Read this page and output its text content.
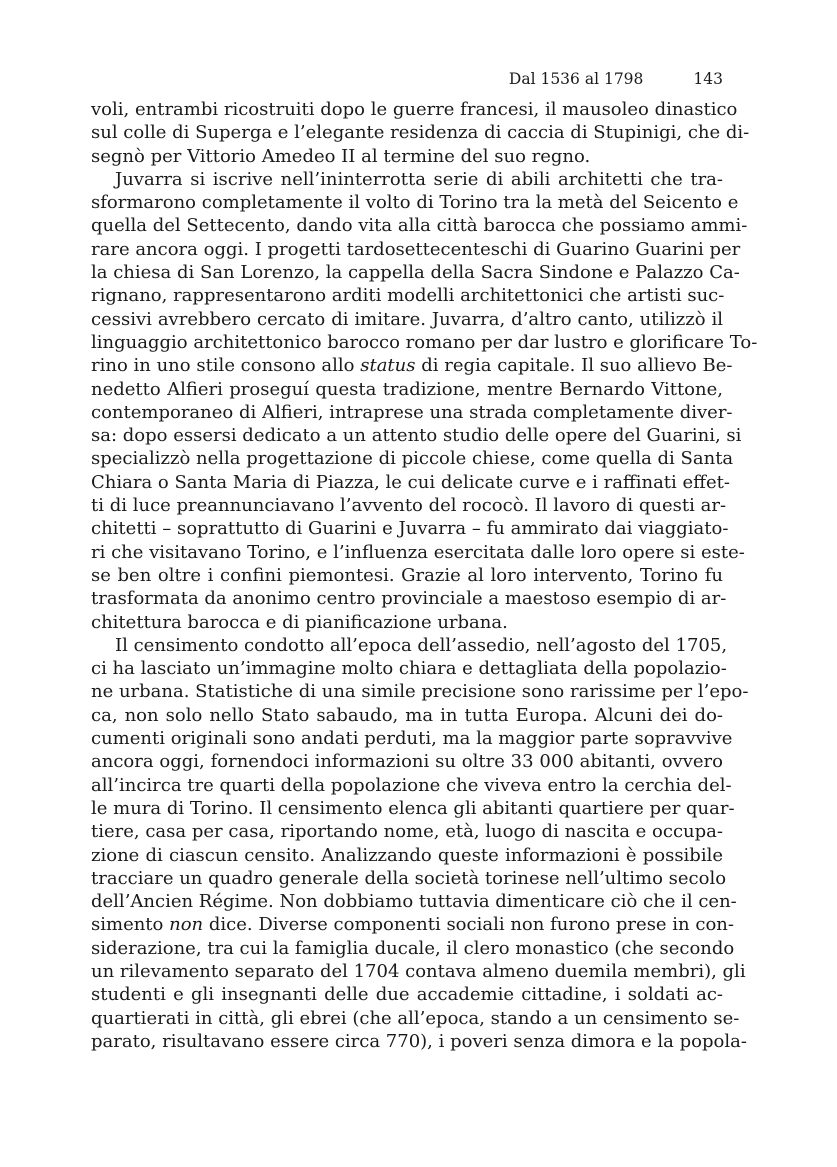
Dal 1536 al 1798	143
voli, entrambi ricostruiti dopo le guerre francesi, il mausoleo dinastico
sul colle di Superga e l’elegante residenza di caccia di Stupinigi, che di-
segnò per Vittorio Amedeo II al termine del suo regno.
Juvarra si iscrive nell’ininterrotta serie di abili architetti che tra-
sformarono completamente il volto di Torino tra la metà del Seicento e
quella del Settecento, dando vita alla città barocca che possiamo ammi-
rare ancora oggi. I progetti tardosettecenteschi di Guarino Guarini per
la chiesa di San Lorenzo, la cappella della Sacra Sindone e Palazzo Ca-
rignano, rappresentarono arditi modelli architettonici che artisti suc-
cessivi avrebbero cercato di imitare. Juvarra, d’altro canto, utilizzò il
linguaggio architettonico barocco romano per dar lustro e glorificare To-
rino in uno stile consono allo status di regia capitale. Il suo allievo Be-
nedetto Alfieri proseguí questa tradizione, mentre Bernardo Vittone,
contemporaneo di Alfieri, intraprese una strada completamente diver-
sa: dopo essersi dedicato a un attento studio delle opere del Guarini, si
specializzò nella progettazione di piccole chiese, come quella di Santa
Chiara o Santa Maria di Piazza, le cui delicate curve e i raffinati effet-
ti di luce preannunciavano l’avvento del rococò. Il lavoro di questi ar-
chitetti – soprattutto di Guarini e Juvarra – fu ammirato dai viaggiato-
ri che visitavano Torino, e l’influenza esercitata dalle loro opere si este-
se ben oltre i confini piemontesi. Grazie al loro intervento, Torino fu
trasformata da anonimo centro provinciale a maestoso esempio di ar-
chitettura barocca e di pianificazione urbana.
Il censimento condotto all’epoca dell’assedio, nell’agosto del 1705,
ci ha lasciato un’immagine molto chiara e dettagliata della popolazio-
ne urbana. Statistiche di una simile precisione sono rarissime per l’epo-
ca, non solo nello Stato sabaudo, ma in tutta Europa. Alcuni dei do-
cumenti originali sono andati perduti, ma la maggior parte sopravvive
ancora oggi, fornendoci informazioni su oltre 33 000 abitanti, ovvero
all’incirca tre quarti della popolazione che viveva entro la cerchia del-
le mura di Torino. Il censimento elenca gli abitanti quartiere per quar-
tiere, casa per casa, riportando nome, età, luogo di nascita e occupa-
zione di ciascun censito. Analizzando queste informazioni è possibile
tracciare un quadro generale della società torinese nell’ultimo secolo
dell’Ancien Régime. Non dobbiamo tuttavia dimenticare ciò che il cen-
simento non dice. Diverse componenti sociali non furono prese in con-
siderazione, tra cui la famiglia ducale, il clero monastico (che secondo
un rilevamento separato del 1704 contava almeno duemila membri), gli
studenti e gli insegnanti delle due accademie cittadine, i soldati ac-
quartierati in città, gli ebrei (che all’epoca, stando a un censimento se-
parato, risultavano essere circa 770), i poveri senza dimora e la popola-
